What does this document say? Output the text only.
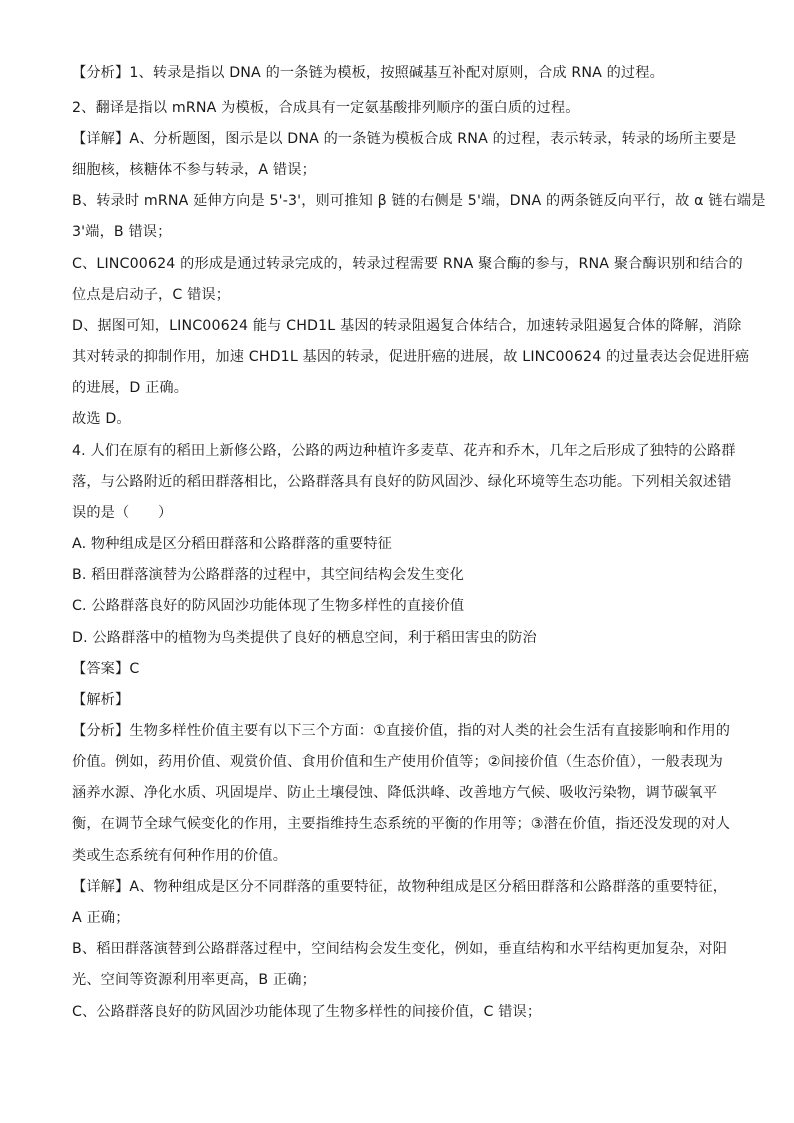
【分析】1、转录是指以 DNA 的一条链为模板，按照碱基互补配对原则，合成 RNA 的过程。
2、翻译是指以 mRNA 为模板，合成具有一定氨基酸排列顺序的蛋白质的过程。
【详解】A、分析题图，图示是以 DNA 的一条链为模板合成 RNA 的过程，表示转录，转录的场所主要是
细胞核，核糖体不参与转录，A 错误；
B、转录时 mRNA 延伸方向是 5'-3'，则可推知 β 链的右侧是 5'端，DNA 的两条链反向平行，故 α 链右端是
3'端，B 错误；
C、LINC00624 的形成是通过转录完成的，转录过程需要 RNA 聚合酶的参与，RNA 聚合酶识别和结合的
位点是启动子，C 错误；
D、据图可知，LINC00624 能与 CHD1L 基因的转录阻遏复合体结合，加速转录阻遏复合体的降解，消除
其对转录的抑制作用，加速 CHD1L 基因的转录，促进肝癌的进展，故 LINC00624 的过量表达会促进肝癌
的进展，D 正确。
故选 D。
4. 人们在原有的稻田上新修公路，公路的两边种植许多麦草、花卉和乔木，几年之后形成了独特的公路群
落，与公路附近的稻田群落相比，公路群落具有良好的防风固沙、绿化环境等生态功能。下列相关叙述错
误的是（　　）
A. 物种组成是区分稻田群落和公路群落的重要特征
B. 稻田群落演替为公路群落的过程中，其空间结构会发生变化
C. 公路群落良好的防风固沙功能体现了生物多样性的直接价值
D. 公路群落中的植物为鸟类提供了良好的栖息空间，利于稻田害虫的防治
【答案】C
【解析】
【分析】生物多样性价值主要有以下三个方面：①直接价值，指的对人类的社会生活有直接影响和作用的
价值。例如，药用价值、观赏价值、食用价值和生产使用价值等；②间接价值（生态价值），一般表现为
涵养水源、净化水质、巩固堤岸、防止土壤侵蚀、降低洪峰、改善地方气候、吸收污染物，调节碳氧平
衡，在调节全球气候变化的作用，主要指维持生态系统的平衡的作用等；③潜在价值，指还没发现的对人
类或生态系统有何种作用的价值。
【详解】A、物种组成是区分不同群落的重要特征，故物种组成是区分稻田群落和公路群落的重要特征，
A 正确；
B、稻田群落演替到公路群落过程中，空间结构会发生变化，例如，垂直结构和水平结构更加复杂，对阳
光、空间等资源利用率更高，B 正确；
C、公路群落良好的防风固沙功能体现了生物多样性的间接价值，C 错误；
